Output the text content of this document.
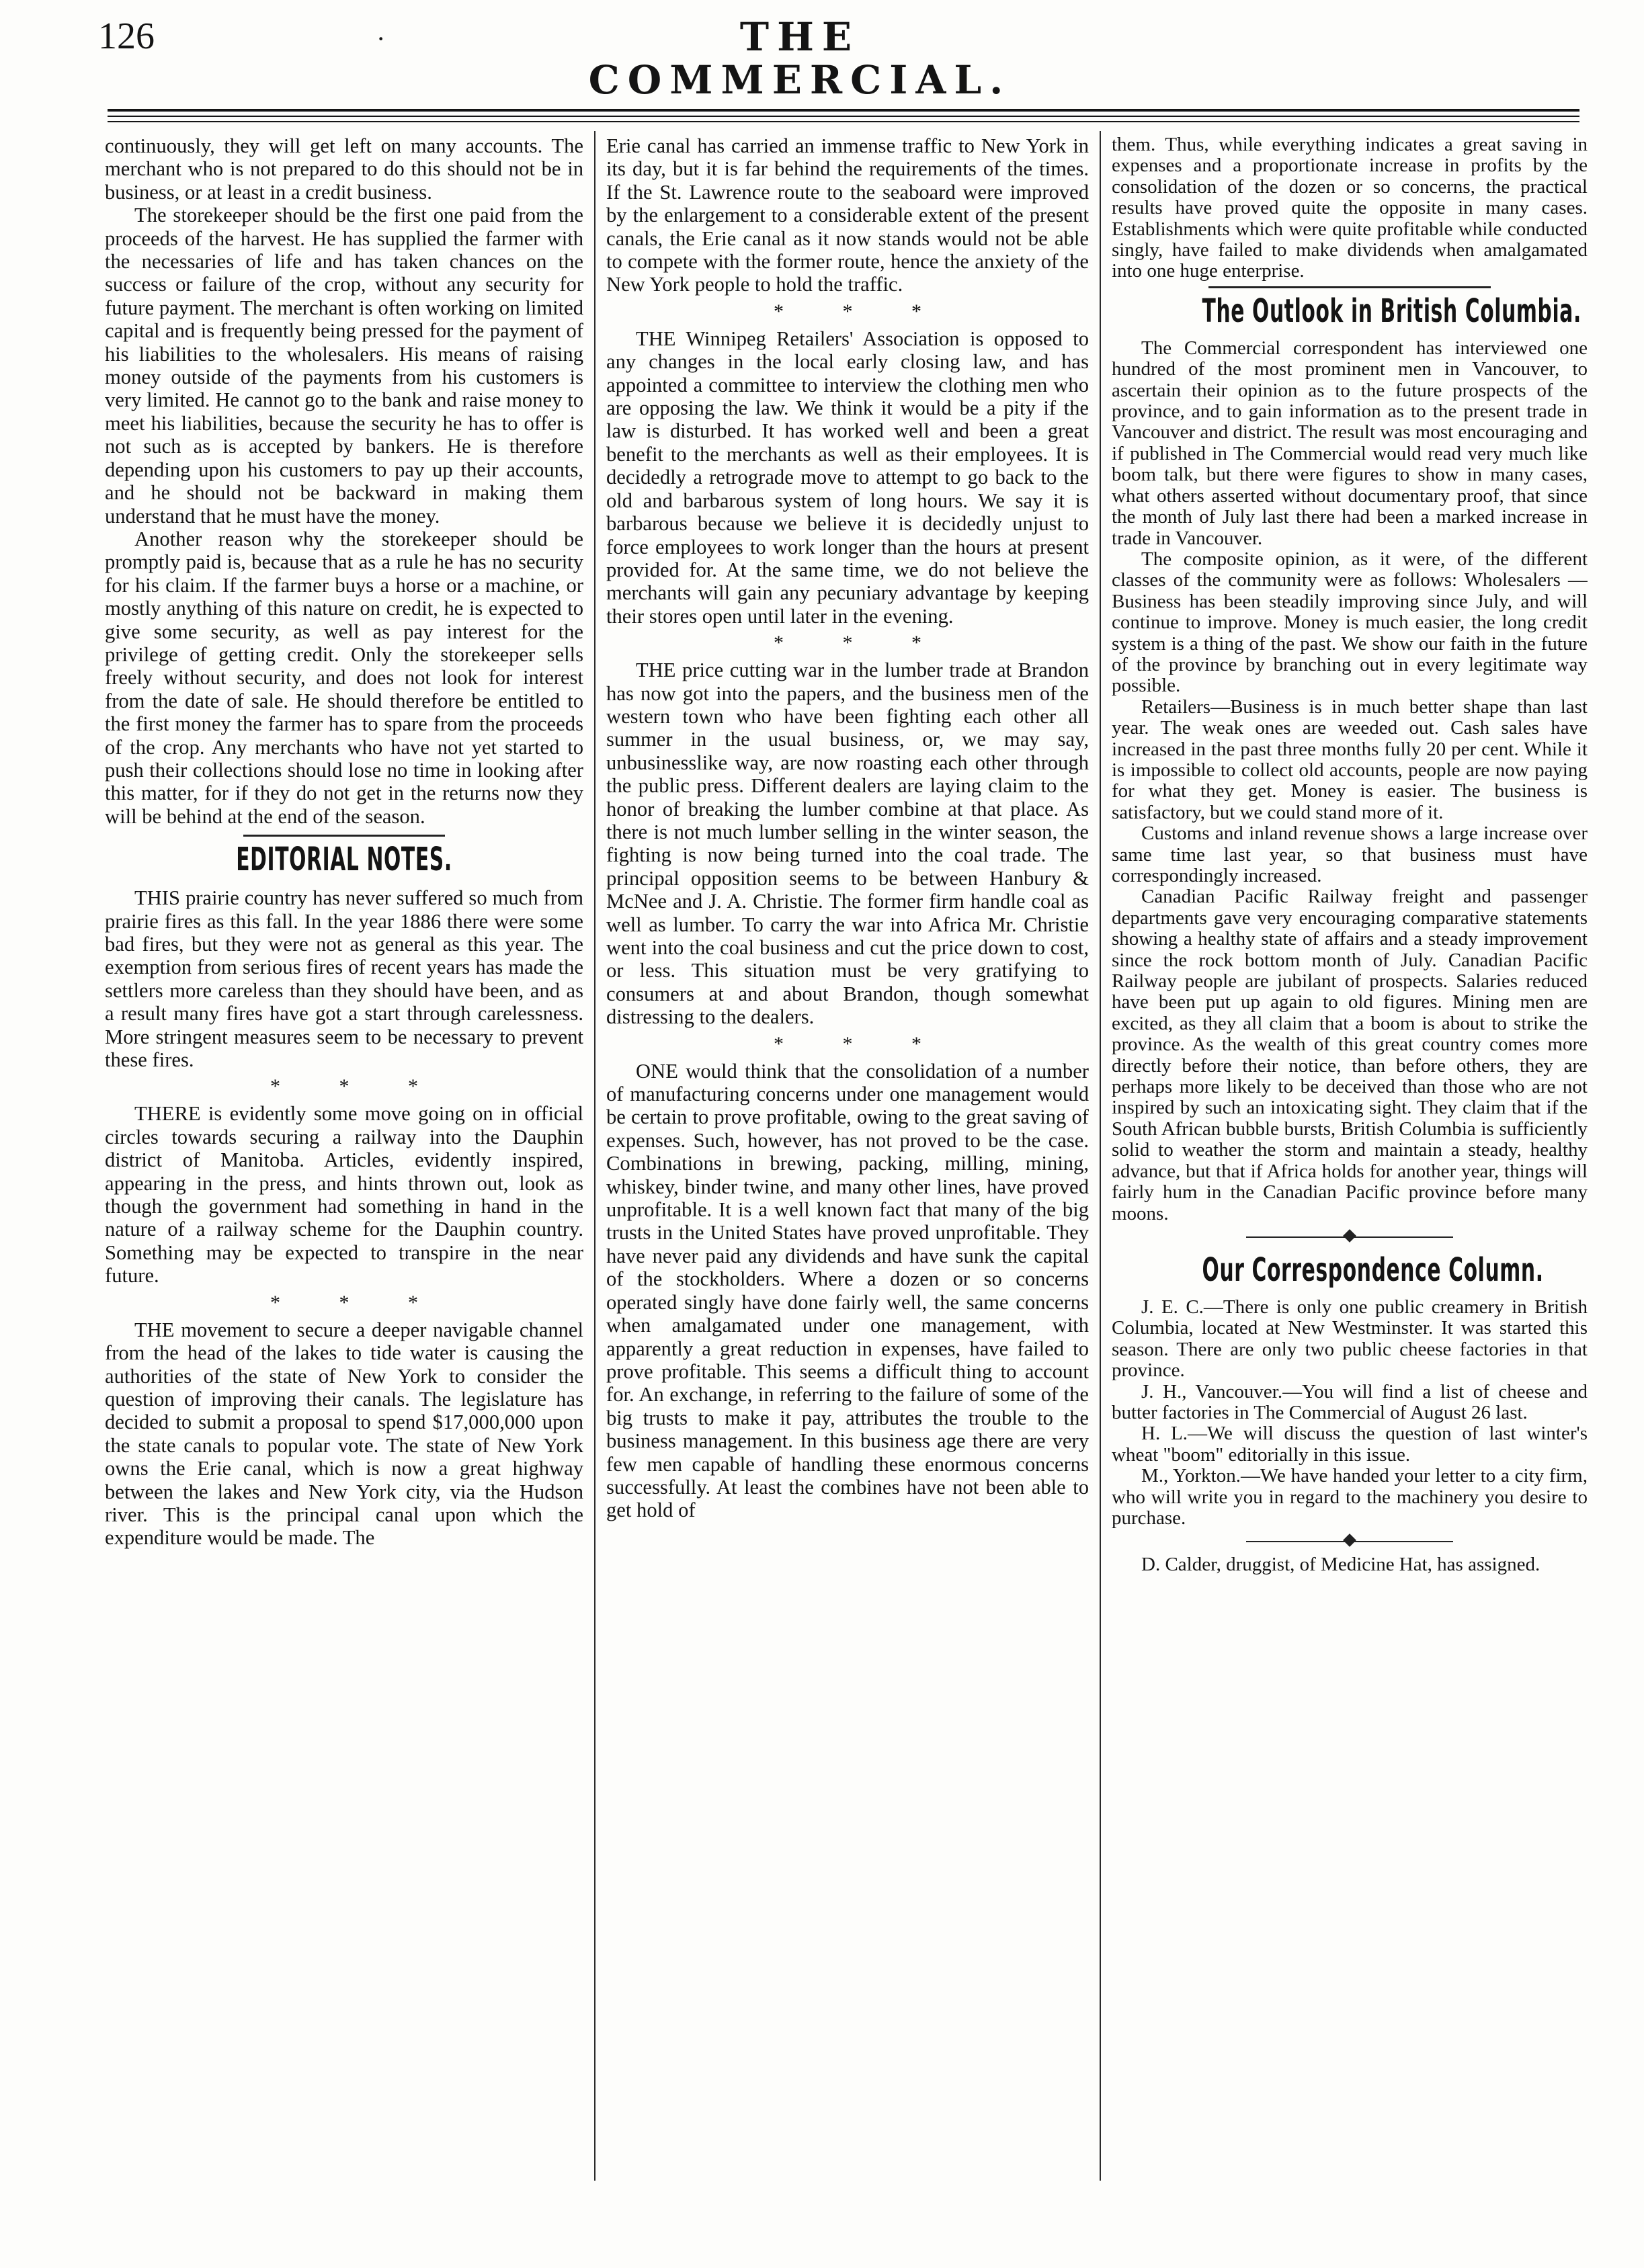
126	·	THE COMMERCIAL.

continuously, they will get left on many accounts. The merchant who is not prepared to do this should not be in business, or at least in a credit business.

The storekeeper should be the first one paid from the proceeds of the harvest. He has supplied the farmer with the necessaries of life and has taken chances on the success or failure of the crop, without any security for future payment. The merchant is often working on limited capital and is frequently being pressed for the payment of his liabilities to the wholesalers. His means of raising money outside of the payments from his customers is very limited. He cannot go to the bank and raise money to meet his liabilities, because the security he has to offer is not such as is accepted by bankers. He is therefore depending upon his customers to pay up their accounts, and he should not be backward in making them understand that he must have the money.

Another reason why the storekeeper should be promptly paid is, because that as a rule he has no security for his claim. If the farmer buys a horse or a machine, or mostly anything of this nature on credit, he is expected to give some security, as well as pay interest for the privilege of getting credit. Only the storekeeper sells freely without security, and does not look for interest from the date of sale. He should therefore be entitled to the first money the farmer has to spare from the proceeds of the crop. Any merchants who have not yet started to push their collections should lose no time in looking after this matter, for if they do not get in the returns now they will be behind at the end of the season.

EDITORIAL NOTES.

THIS prairie country has never suffered so much from prairie fires as this fall. In the year 1886 there were some bad fires, but they were not as general as this year. The exemption from serious fires of recent years has made the settlers more careless than they should have been, and as a result many fires have got a start through carelessness. More stringent measures seem to be necessary to prevent these fires.

* * *

THERE is evidently some move going on in official circles towards securing a railway into the Dauphin district of Manitoba. Articles, evidently inspired, appearing in the press, and hints thrown out, look as though the government had something in hand in the nature of a railway scheme for the Dauphin country. Something may be expected to transpire in the near future.

* * *

THE movement to secure a deeper navigable channel from the head of the lakes to tide water is causing the authorities of the state of New York to consider the question of improving their canals. The legislature has decided to submit a proposal to spend $17,000,000 upon the state canals to popular vote. The state of New York owns the Erie canal, which is now a great highway between the lakes and New York city, via the Hudson river. This is the principal canal upon which the expenditure would be made. The

Erie canal has carried an immense traffic to New York in its day, but it is far behind the requirements of the times. If the St. Lawrence route to the seaboard were improved by the enlargement to a considerable extent of the present canals, the Erie canal as it now stands would not be able to compete with the former route, hence the anxiety of the New York people to hold the traffic.

* * *

THE Winnipeg Retailers' Association is opposed to any changes in the local early closing law, and has appointed a committee to interview the clothing men who are opposing the law. We think it would be a pity if the law is disturbed. It has worked well and been a great benefit to the merchants as well as their employees. It is decidedly a retrograde move to attempt to go back to the old and barbarous system of long hours. We say it is barbarous because we believe it is decidedly unjust to force employees to work longer than the hours at present provided for. At the same time, we do not believe the merchants will gain any pecuniary advantage by keeping their stores open until later in the evening.

* * *

THE price cutting war in the lumber trade at Brandon has now got into the papers, and the business men of the western town who have been fighting each other all summer in the usual business, or, we may say, unbusinesslike way, are now roasting each other through the public press. Different dealers are laying claim to the honor of breaking the lumber combine at that place. As there is not much lumber selling in the winter season, the fighting is now being turned into the coal trade. The principal opposition seems to be between Hanbury & McNee and J. A. Christie. The former firm handle coal as well as lumber. To carry the war into Africa Mr. Christie went into the coal business and cut the price down to cost, or less. This situation must be very gratifying to consumers at and about Brandon, though somewhat distressing to the dealers.

* * *

ONE would think that the consolidation of a number of manufacturing concerns under one management would be certain to prove profitable, owing to the great saving of expenses. Such, however, has not proved to be the case. Combinations in brewing, packing, milling, mining, whiskey, binder twine, and many other lines, have proved unprofitable. It is a well known fact that many of the big trusts in the United States have proved unprofitable. They have never paid any dividends and have sunk the capital of the stockholders. Where a dozen or so concerns operated singly have done fairly well, the same concerns when amalgamated under one management, with apparently a great reduction in expenses, have failed to prove profitable. This seems a difficult thing to account for. An exchange, in referring to the failure of some of the big trusts to make it pay, attributes the trouble to the business management. In this business age there are very few men capable of handling these enormous concerns successfully. At least the combines have not been able to get hold of

them. Thus, while everything indicates a great saving in expenses and a proportionate increase in profits by the consolidation of the dozen or so concerns, the practical results have proved quite the opposite in many cases. Establishments which were quite profitable while conducted singly, have failed to make dividends when amalgamated into one huge enterprise.

The Outlook in British Columbia.

The Commercial correspondent has interviewed one hundred of the most prominent men in Vancouver, to ascertain their opinion as to the future prospects of the province, and to gain information as to the present trade in Vancouver and district. The result was most encouraging and if published in The Commercial would read very much like boom talk, but there were figures to show in many cases, what others asserted without documentary proof, that since the month of July last there had been a marked increase in trade in Vancouver.

The composite opinion, as it were, of the different classes of the community were as follows: Wholesalers — Business has been steadily improving since July, and will continue to improve. Money is much easier, the long credit system is a thing of the past. We show our faith in the future of the province by branching out in every legitimate way possible.

Retailers—Business is in much better shape than last year. The weak ones are weeded out. Cash sales have increased in the past three months fully 20 per cent. While it is impossible to collect old accounts, people are now paying for what they get. Money is easier. The business is satisfactory, but we could stand more of it.

Customs and inland revenue shows a large increase over same time last year, so that business must have correspondingly increased.

Canadian Pacific Railway freight and passenger departments gave very encouraging comparative statements showing a healthy state of affairs and a steady improvement since the rock bottom month of July. Canadian Pacific Railway people are jubilant of prospects. Salaries reduced have been put up again to old figures. Mining men are excited, as they all claim that a boom is about to strike the province. As the wealth of this great country comes more directly before their notice, than before others, they are perhaps more likely to be deceived than those who are not inspired by such an intoxicating sight. They claim that if the South African bubble bursts, British Columbia is sufficiently solid to weather the storm and maintain a steady, healthy advance, but that if Africa holds for another year, things will fairly hum in the Canadian Pacific province before many moons.

Our Correspondence Column.

J. E. C.—There is only one public creamery in British Columbia, located at New Westminster. It was started this season. There are only two public cheese factories in that province.

J. H., Vancouver.—You will find a list of cheese and butter factories in The Commercial of August 26 last.

H. L.—We will discuss the question of last winter's wheat "boom" editorially in this issue.

M., Yorkton.—We have handed your letter to a city firm, who will write you in regard to the machinery you desire to purchase.

D. Calder, druggist, of Medicine Hat, has assigned.
